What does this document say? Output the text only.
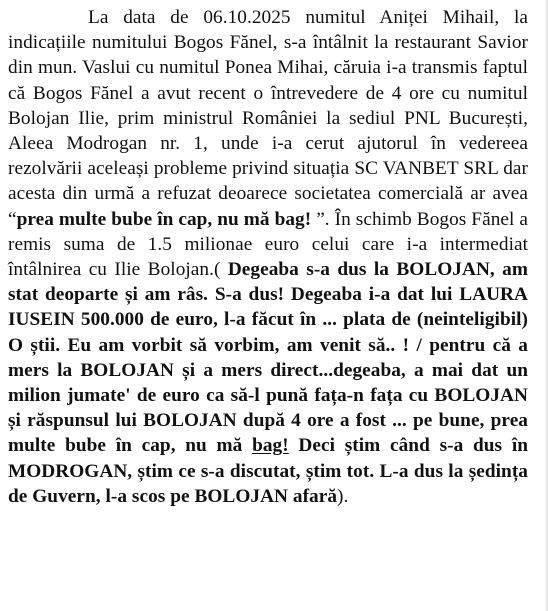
La data de 06.10.2025 numitul Aniței Mihail, la indicațiile numitului Bogos Fănel, s-a întâlnit la restaurant Savior din mun. Vaslui cu numitul Ponea Mihai, căruia i-a transmis faptul că Bogos Fănel a avut recent o întrevedere de 4 ore cu numitul Bolojan Ilie, prim ministrul României la sediul PNL București, Aleea Modrogan nr. 1, unde i-a cerut ajutorul în vedereea rezolvării aceleași probleme privind situația SC VANBET SRL dar acesta din urmă a refuzat deoarece societatea comercială ar avea “prea multe bube în cap, nu mă bag! ”. În schimb Bogos Fănel a remis suma de 1.5 milionae euro celui care i-a intermediat întâlnirea cu Ilie Bolojan.( Degeaba s-a dus la BOLOJAN, am stat deoparte și am râs. S-a dus! Degeaba i-a dat lui LAURA IUSEIN 500.000 de euro, l-a făcut în ... plata de (neinteligibil) O știi. Eu am vorbit să vorbim, am venit să.. ! / pentru că a mers la BOLOJAN și a mers direct...degeaba, a mai dat un milion jumate' de euro ca să-l pună fața-n fața cu BOLOJAN și răspunsul lui BOLOJAN după 4 ore a fost ... pe bune, prea multe bube în cap, nu mă bag! Deci știm când s-a dus în MODROGAN, știm ce s-a discutat, știm tot. L-a dus la ședința de Guvern, l-a scos pe BOLOJAN afară).
